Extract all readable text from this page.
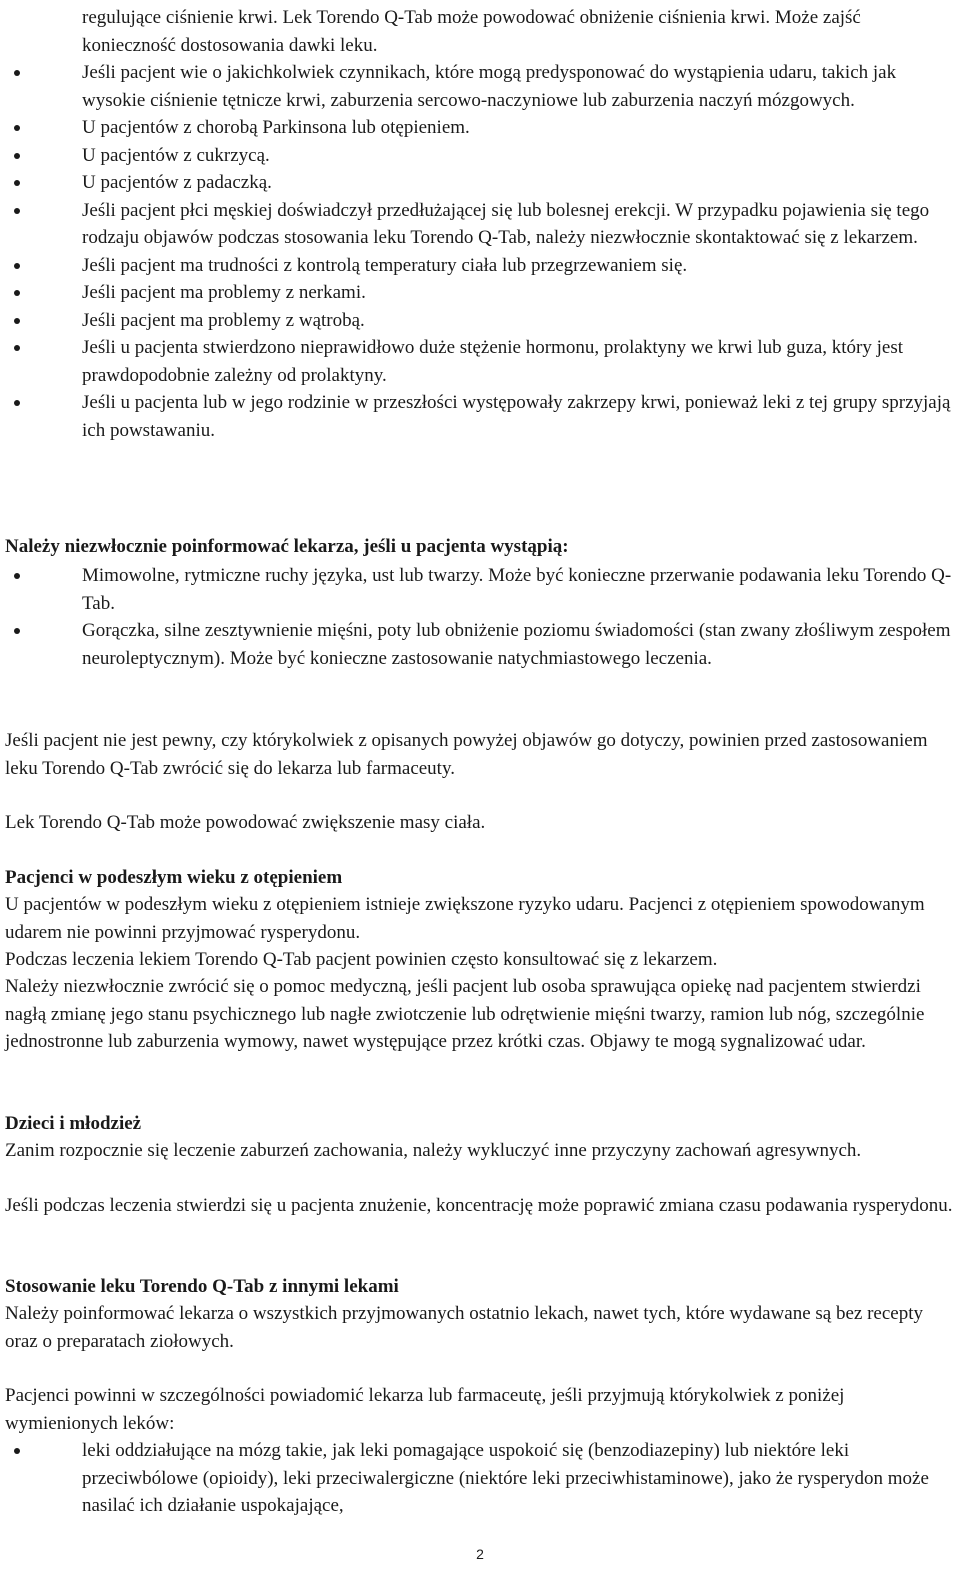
regulujące ciśnienie krwi. Lek Torendo Q-Tab może powodować obniżenie ciśnienia krwi. Może zajść konieczność dostosowania dawki leku.

Jeśli pacjent wie o jakichkolwiek czynnikach, które mogą predysponować do wystąpienia udaru, takich jak wysokie ciśnienie tętnicze krwi, zaburzenia sercowo-naczyniowe lub zaburzenia naczyń mózgowych.
U pacjentów z chorobą Parkinsona lub otępieniem.
U pacjentów z cukrzycą.
U pacjentów z padaczką.
Jeśli pacjent płci męskiej doświadczył przedłużającej się lub bolesnej erekcji. W przypadku pojawienia się tego rodzaju objawów podczas stosowania leku Torendo Q-Tab, należy niezwłocznie skontaktować się z lekarzem.
Jeśli pacjent ma trudności z kontrolą temperatury ciała lub przegrzewaniem się.
Jeśli pacjent ma problemy z nerkami.
Jeśli pacjent ma problemy z wątrobą.
Jeśli u pacjenta stwierdzono nieprawidłowo duże stężenie hormonu, prolaktyny we krwi lub guza, który jest prawdopodobnie zależny od prolaktyny.
Jeśli u pacjenta lub w jego rodzinie w przeszłości występowały zakrzepy krwi, ponieważ leki z tej grupy sprzyjają ich powstawaniu.

Należy niezwłocznie poinformować lekarza, jeśli u pacjenta wystąpią:

Mimowolne, rytmiczne ruchy języka, ust lub twarzy. Może być konieczne przerwanie podawania leku Torendo Q-Tab.
Gorączka, silne zesztywnienie mięśni, poty lub obniżenie poziomu świadomości (stan zwany złośliwym zespołem neuroleptycznym). Może być konieczne zastosowanie natychmiastowego leczenia.

Jeśli pacjent nie jest pewny, czy którykolwiek z opisanych powyżej objawów go dotyczy, powinien przed zastosowaniem leku Torendo Q-Tab zwrócić się do lekarza lub farmaceuty.

Lek Torendo Q-Tab może powodować zwiększenie masy ciała.

Pacjenci w podeszłym wieku z otępieniem

U pacjentów w podeszłym wieku z otępieniem istnieje zwiększone ryzyko udaru. Pacjenci z otępieniem spowodowanym udarem nie powinni przyjmować rysperydonu.

Podczas leczenia lekiem Torendo Q-Tab pacjent powinien często konsultować się z lekarzem.

Należy niezwłocznie zwrócić się o pomoc medyczną, jeśli pacjent lub osoba sprawująca opiekę nad pacjentem stwierdzi nagłą zmianę jego stanu psychicznego lub nagłe zwiotczenie lub odrętwienie mięśni twarzy, ramion lub nóg, szczególnie jednostronne lub zaburzenia wymowy, nawet występujące przez krótki czas. Objawy te mogą sygnalizować udar.

Dzieci i młodzież

Zanim rozpocznie się leczenie zaburzeń zachowania, należy wykluczyć inne przyczyny zachowań agresywnych.

Jeśli podczas leczenia stwierdzi się u pacjenta znużenie, koncentrację może poprawić zmiana czasu podawania rysperydonu.

Stosowanie leku Torendo Q-Tab z innymi lekami

Należy poinformować lekarza o wszystkich przyjmowanych ostatnio lekach, nawet tych, które wydawane są bez recepty oraz o preparatach ziołowych.

Pacjenci powinni w szczególności powiadomić lekarza lub farmaceutę, jeśli przyjmują którykolwiek z poniżej wymienionych leków:

leki oddziałujące na mózg takie, jak leki pomagające uspokoić się (benzodiazepiny) lub niektóre leki przeciwbólowe (opioidy), leki przeciwalergiczne (niektóre leki przeciwhistaminowe), jako że rysperydon może nasilać ich działanie uspokajające,
2
